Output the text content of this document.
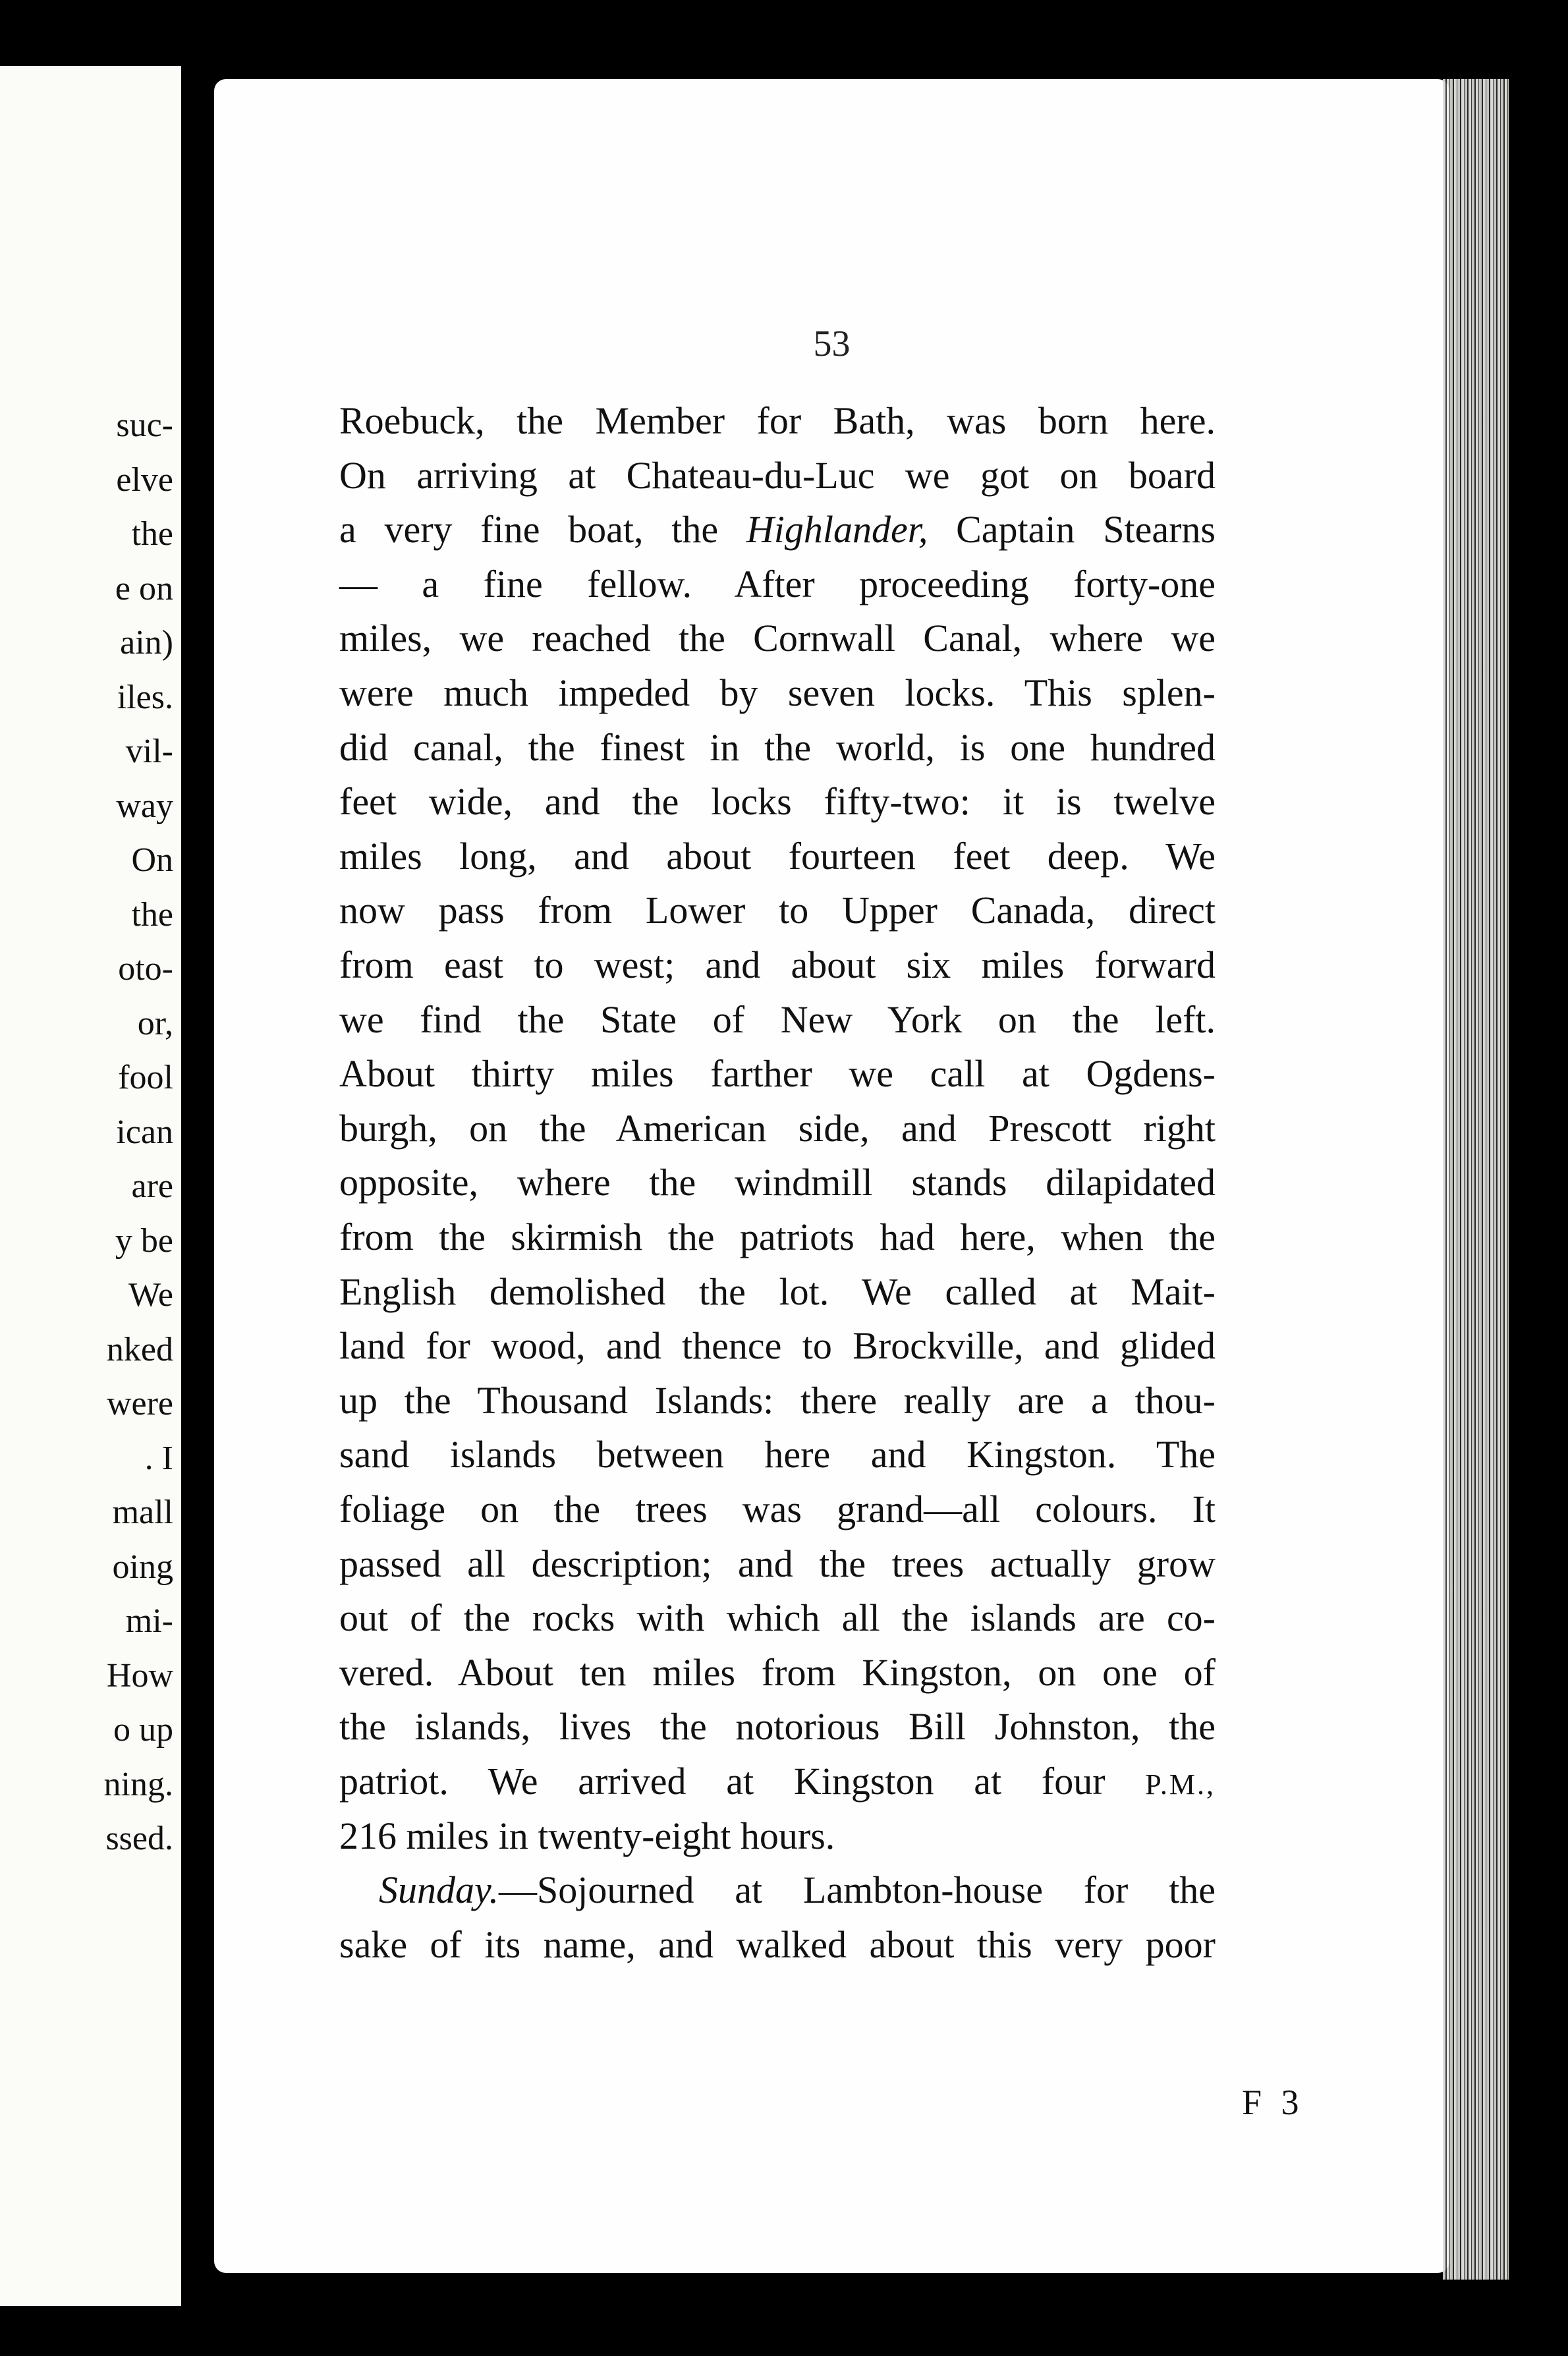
suc-
elve
the
e on
ain)
iles.
vil-
way
On
the
oto-
or,
fool
ican
are
y be
We
nked
were
. I
mall
oing
mi-
How
o up
ning.
ssed.
53
Roebuck, the Member for Bath, was born here.
On arriving at Chateau-du-Luc we got on board
a very fine boat, the Highlander, Captain Stearns
— a fine fellow. After proceeding forty-one
miles, we reached the Cornwall Canal, where we
were much impeded by seven locks. This splen-
did canal, the finest in the world, is one hundred
feet wide, and the locks fifty-two: it is twelve
miles long, and about fourteen feet deep. We
now pass from Lower to Upper Canada, direct
from east to west; and about six miles forward
we find the State of New York on the left.
About thirty miles farther we call at Ogdens-
burgh, on the American side, and Prescott right
opposite, where the windmill stands dilapidated
from the skirmish the patriots had here, when the
English demolished the lot. We called at Mait-
land for wood, and thence to Brockville, and glided
up the Thousand Islands: there really are a thou-
sand islands between here and Kingston. The
foliage on the trees was grand—all colours. It
passed all description; and the trees actually grow
out of the rocks with which all the islands are co-
vered. About ten miles from Kingston, on one of
the islands, lives the notorious Bill Johnston, the
patriot. We arrived at Kingston at four P.M.,
216 miles in twenty-eight hours.
Sunday.—Sojourned at Lambton-house for the
sake of its name, and walked about this very poor
F 3
